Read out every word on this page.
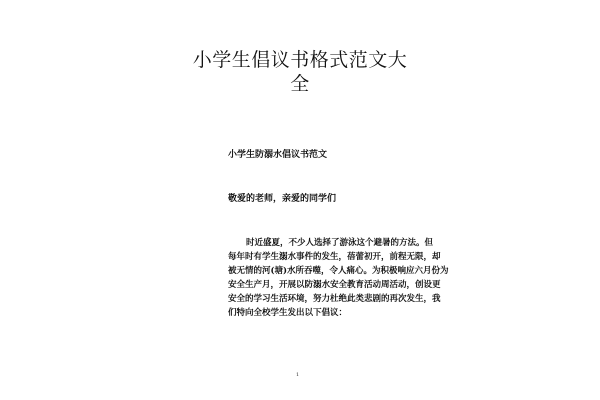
小学生倡议书格式范文大
全
小学生防溺水倡议书范文
敬爱的老师，亲爱的同学们
时近盛夏，不少人选择了游泳这个避暑的方法。但
每年时有学生溺水事件的发生，蓓蕾初开，前程无限，却
被无情的河(塘)水所吞噬，令人痛心。为积极响应六月份为
安全生产月，开展以防溺水安全教育活动周活动，创设更
安全的学习生活环境，努力杜绝此类悲剧的再次发生，我
们特向全校学生发出以下倡议：
1
